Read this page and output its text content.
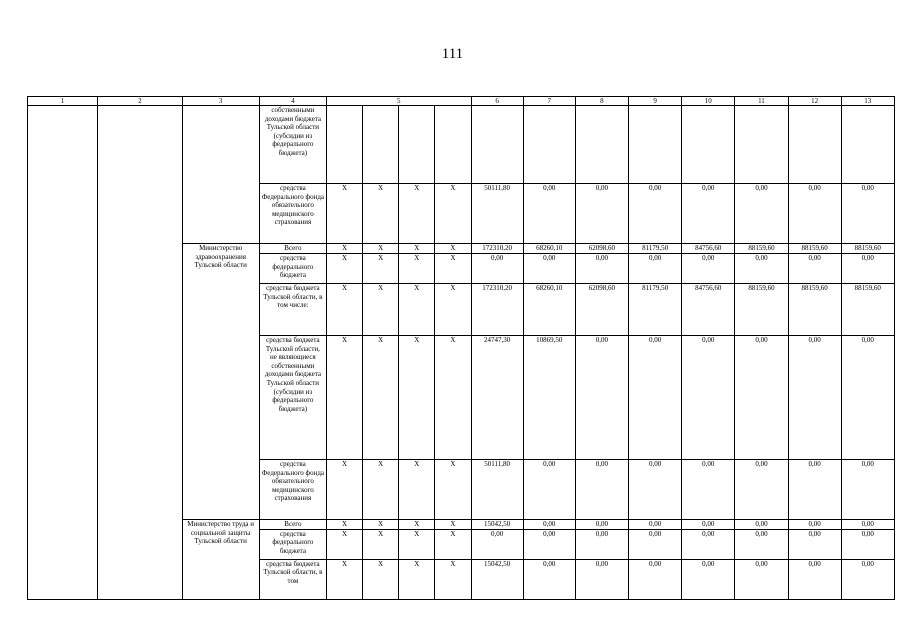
111
1	2	3	4	5				6	7	8	9	10	11	12	13
			собственными доходами бюджета Тульской области (субсидии из федерального бюджета)												
			средства Федерального фонда обязательного медицинского страхования	X	X	X	X	50111,80	0,00	0,00	0,00	0,00	0,00	0,00	0,00
		Министерство здравоохранения Тульской области	Всего	X	X	X	X	172310,20	68260,10	62098,60	81179,50	84756,60	88159,60	88159,60	88159,60
			средства федерального бюджета	X	X	X	X	0,00	0,00	0,00	0,00	0,00	0,00	0,00	0,00
			средства бюджета Тульской области, в том числе:	X	X	X	X	172310,20	68260,10	62098,60	81179,50	84756,60	88159,60	88159,60	88159,60
			средства бюджета Тульской области, не являющиеся собственными доходами бюджета Тульской области (субсидии из федерального бюджета)	X	X	X	X	24747,30	10869,50	0,00	0,00	0,00	0,00	0,00	0,00
			средства Федерального фонда обязательного медицинского страхования	X	X	X	X	50111,80	0,00	0,00	0,00	0,00	0,00	0,00	0,00
		Министерство труда и социальной защиты Тульской области	Всего	X	X	X	X	15042,50	0,00	0,00	0,00	0,00	0,00	0,00	0,00
			средства федерального бюджета	X	X	X	X	0,00	0,00	0,00	0,00	0,00	0,00	0,00	0,00
			средства бюджета Тульской области, в том	X	X	X	X	15042,50	0,00	0,00	0,00	0,00	0,00	0,00	0,00
